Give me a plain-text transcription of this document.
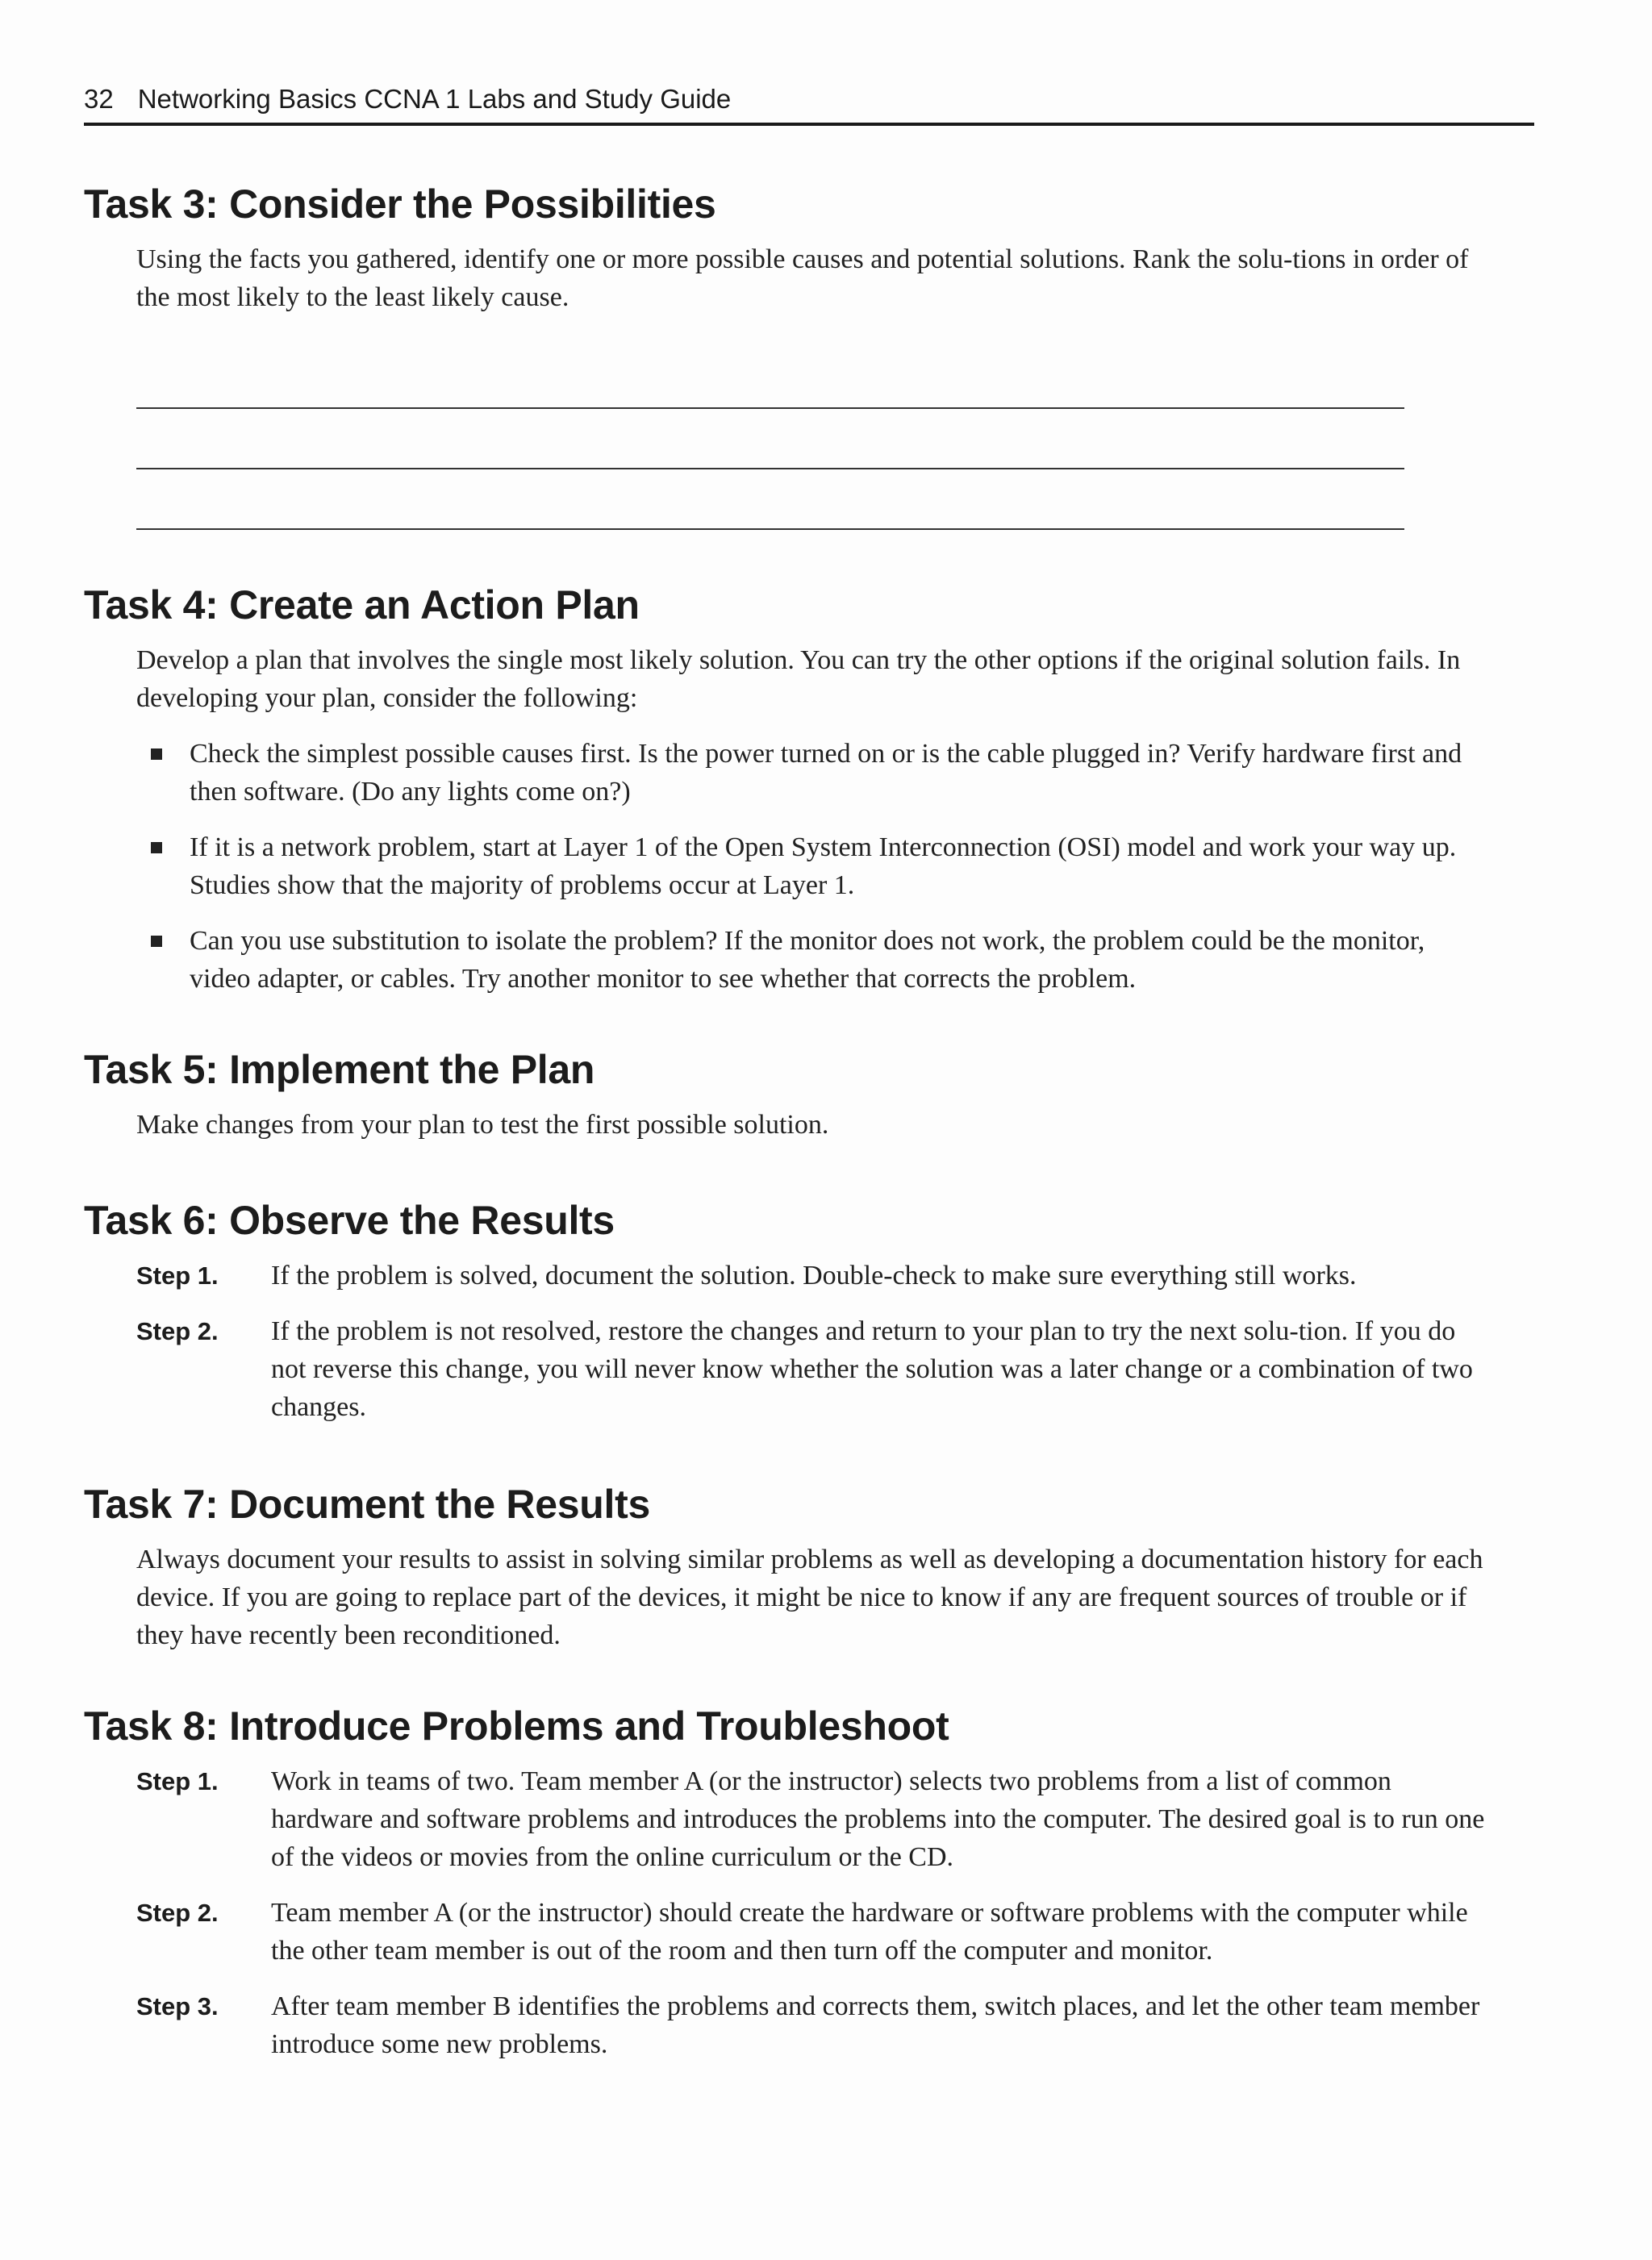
32 Networking Basics CCNA 1 Labs and Study Guide
Task 3: Consider the Possibilities

Using the facts you gathered, identify one or more possible causes and potential solutions. Rank the solu-tions in order of the most likely to the least likely cause.

Task 4: Create an Action Plan

Develop a plan that involves the single most likely solution. You can try the other options if the original solution fails. In developing your plan, consider the following:

Check the simplest possible causes first. Is the power turned on or is the cable plugged in? Verify hardware first and then software. (Do any lights come on?)
If it is a network problem, start at Layer 1 of the Open System Interconnection (OSI) model and work your way up. Studies show that the majority of problems occur at Layer 1.
Can you use substitution to isolate the problem? If the monitor does not work, the problem could be the monitor, video adapter, or cables. Try another monitor to see whether that corrects the problem.
Task 5: Implement the Plan

Make changes from your plan to test the first possible solution.

Task 6: Observe the Results
Step 1.	If the problem is solved, document the solution. Double-check to make sure everything still works.
Step 2.	If the problem is not resolved, restore the changes and return to your plan to try the next solu-tion. If you do not reverse this change, you will never know whether the solution was a later change or a combination of two changes.
Task 7: Document the Results

Always document your results to assist in solving similar problems as well as developing a documentation history for each device. If you are going to replace part of the devices, it might be nice to know if any are frequent sources of trouble or if they have recently been reconditioned.

Task 8: Introduce Problems and Troubleshoot
Step 1.	Work in teams of two. Team member A (or the instructor) selects two problems from a list of common hardware and software problems and introduces the problems into the computer. The desired goal is to run one of the videos or movies from the online curriculum or the CD.
Step 2.	Team member A (or the instructor) should create the hardware or software problems with the computer while the other team member is out of the room and then turn off the computer and monitor.
Step 3.	After team member B identifies the problems and corrects them, switch places, and let the other team member introduce some new problems.
